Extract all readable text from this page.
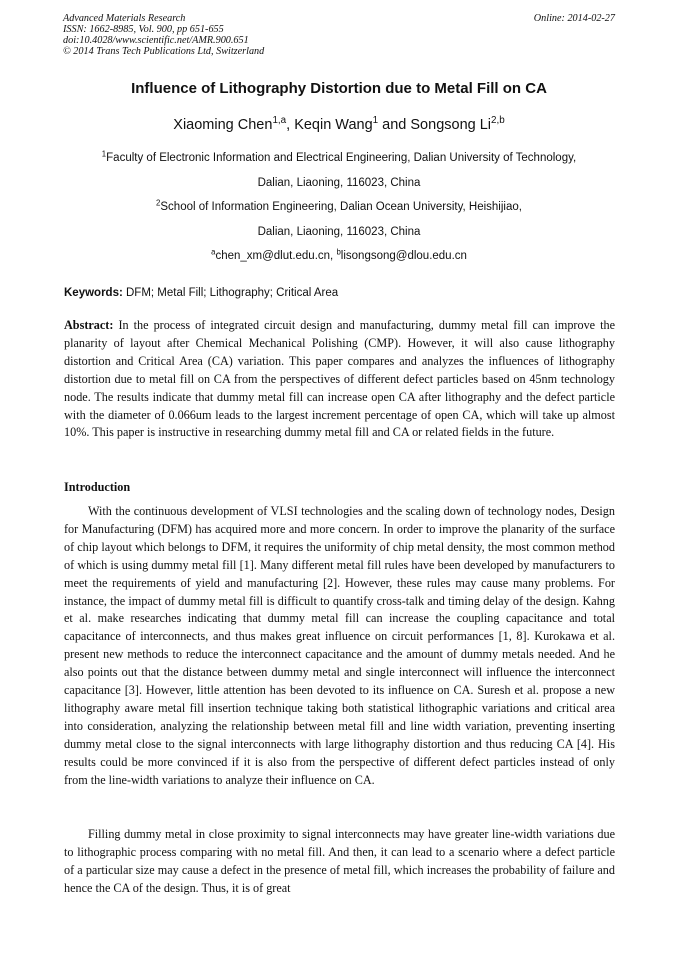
Advanced Materials Research
ISSN: 1662-8985, Vol. 900, pp 651-655
doi:10.4028/www.scientific.net/AMR.900.651
© 2014 Trans Tech Publications Ltd, Switzerland
Online: 2014-02-27
Influence of Lithography Distortion due to Metal Fill on CA
Xiaoming Chen$^{1,a}$, Keqin Wang$^1$ and Songsong Li$^{2,b}$
$^1$Faculty of Electronic Information and Electrical Engineering, Dalian University of Technology,
Dalian, Liaoning, 116023, China
$^2$School of Information Engineering, Dalian Ocean University, Heishijiao,
Dalian, Liaoning, 116023, China
$^a$chen_xm@dlut.edu.cn, $^b$lisongsong@dlou.edu.cn
Keywords: DFM; Metal Fill; Lithography; Critical Area

Abstract: In the process of integrated circuit design and manufacturing, dummy metal fill can improve the planarity of layout after Chemical Mechanical Polishing (CMP). However, it will also cause lithography distortion and Critical Area (CA) variation. This paper compares and analyzes the influences of lithography distortion due to metal fill on CA from the perspectives of different defect particles based on 45nm technology node. The results indicate that dummy metal fill can increase open CA after lithography and the defect particle with the diameter of 0.066um leads to the largest increment percentage of open CA, which will take up almost 10%. This paper is instructive in researching dummy metal fill and CA or related fields in the future.

Introduction

With the continuous development of VLSI technologies and the scaling down of technology nodes, Design for Manufacturing (DFM) has acquired more and more concern. In order to improve the planarity of the surface of chip layout which belongs to DFM, it requires the uniformity of chip metal density, the most common method of which is using dummy metal fill [1]. Many different metal fill rules have been developed by manufacturers to meet the requirements of yield and manufacturing [2]. However, these rules may cause many problems. For instance, the impact of dummy metal fill is difficult to quantify cross-talk and timing delay of the design. Kahng et al. make researches indicating that dummy metal fill can increase the coupling capacitance and total capacitance of interconnects, and thus makes great influence on circuit performances [1, 8]. Kurokawa et al. present new methods to reduce the interconnect capacitance and the amount of dummy metals needed. And he also points out that the distance between dummy metal and single interconnect will influence the interconnect capacitance [3]. However, little attention has been devoted to its influence on CA. Suresh et al. propose a new lithography aware metal fill insertion technique taking both statistical lithographic variations and critical area into consideration, analyzing the relationship between metal fill and line width variation, preventing inserting dummy metal close to the signal interconnects with large lithography distortion and thus reducing CA [4]. His results could be more convinced if it is also from the perspective of different defect particles instead of only from the line-width variations to analyze their influence on CA.

Filling dummy metal in close proximity to signal interconnects may have greater line-width variations due to lithographic process comparing with no metal fill. And then, it can lead to a scenario where a defect particle of a particular size may cause a defect in the presence of metal fill, which increases the probability of failure and hence the CA of the design. Thus, it is of great
